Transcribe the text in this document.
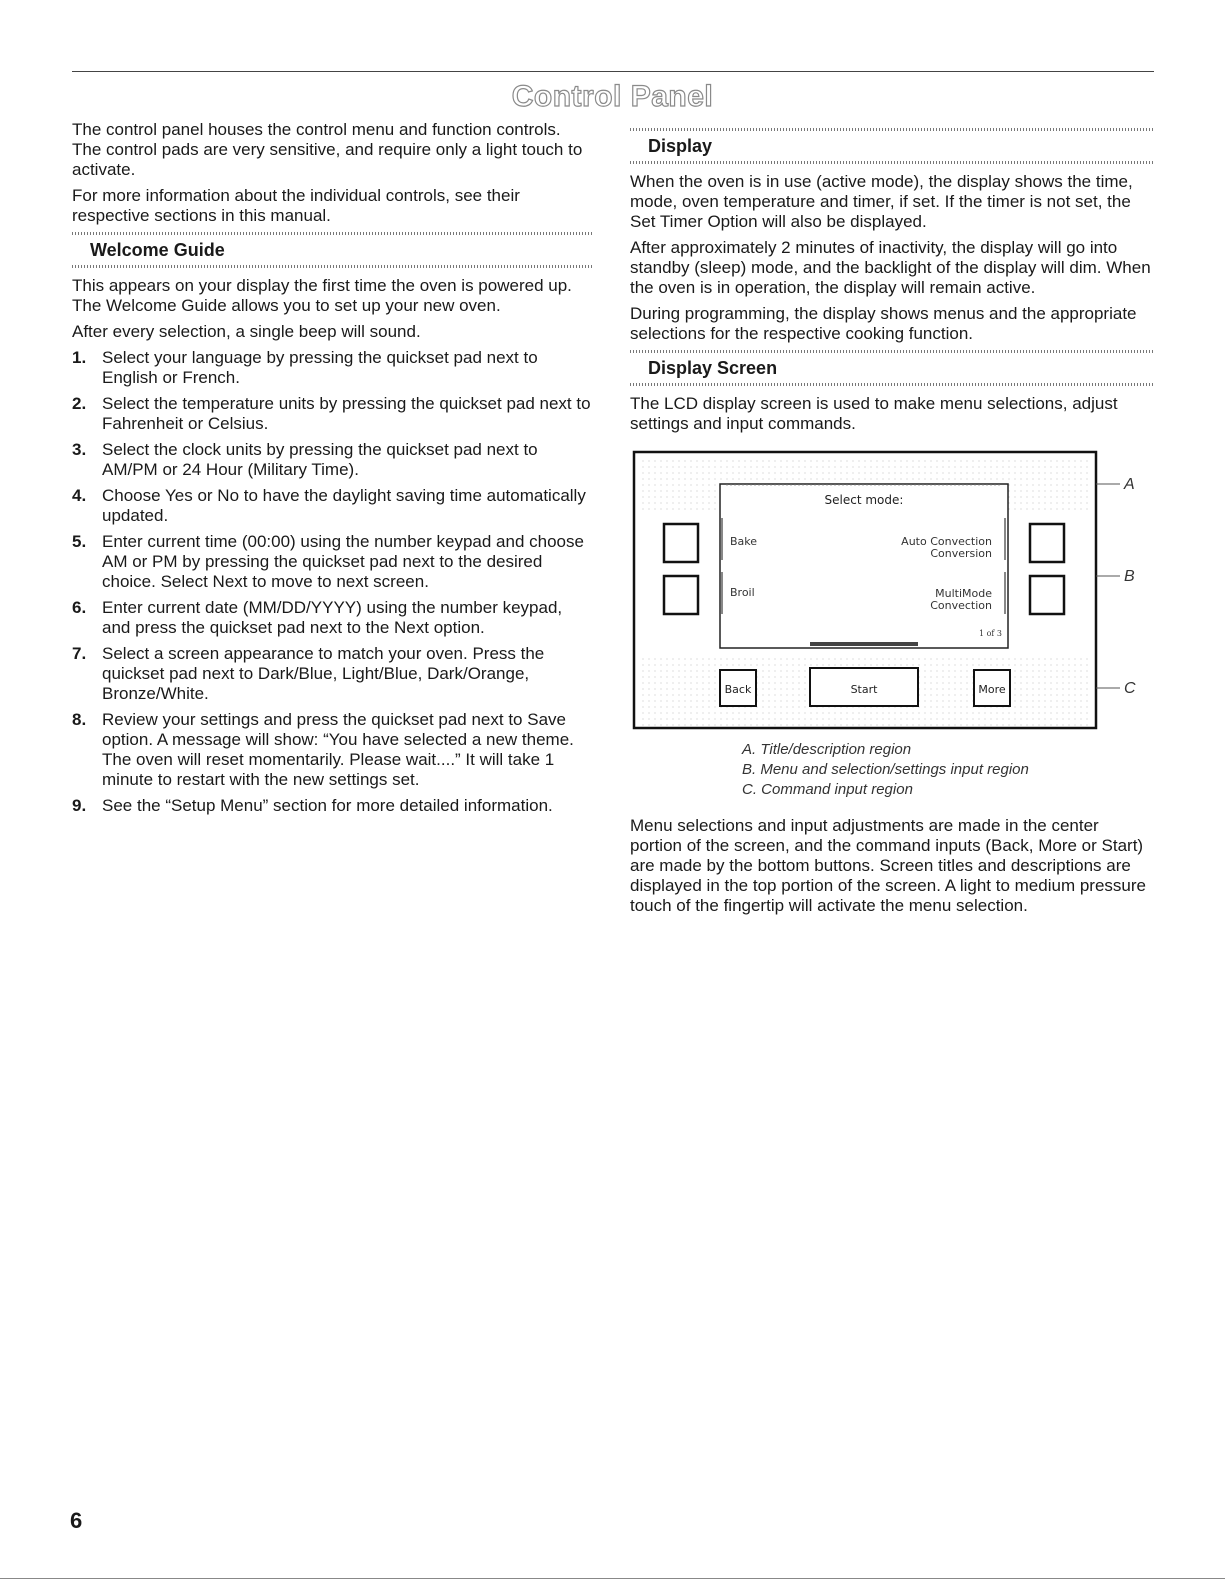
Control Panel

The control panel houses the control menu and function controls. The control pads are very sensitive, and require only a light touch to activate.

For more information about the individual controls, see their respective sections in this manual.

Welcome Guide

This appears on your display the first time the oven is powered up. The Welcome Guide allows you to set up your new oven.

After every selection, a single beep will sound.

1. Select your language by pressing the quickset pad next to English or French.
2. Select the temperature units by pressing the quickset pad next to Fahrenheit or Celsius.
3. Select the clock units by pressing the quickset pad next to AM/PM or 24 Hour (Military Time).
4. Choose Yes or No to have the daylight saving time automatically updated.
5. Enter current time (00:00) using the number keypad and choose AM or PM by pressing the quickset pad next to the desired choice. Select Next to move to next screen.
6. Enter current date (MM/DD/YYYY) using the number keypad, and press the quickset pad next to the Next option.
7. Select a screen appearance to match your oven. Press the quickset pad next to Dark/Blue, Light/Blue, Dark/Orange, Bronze/White.
8. Review your settings and press the quickset pad next to Save option. A message will show: “You have selected a new theme. The oven will reset momentarily. Please wait....” It will take 1 minute to restart with the new settings set.
9. See the “Setup Menu” section for more detailed information.
Display

When the oven is in use (active mode), the display shows the time, mode, oven temperature and timer, if set. If the timer is not set, the Set Timer Option will also be displayed.

After approximately 2 minutes of inactivity, the display will go into standby (sleep) mode, and the backlight of the display will dim. When the oven is in operation, the display will remain active.

During programming, the display shows menus and the appropriate selections for the respective cooking function.

Display Screen

The LCD display screen is used to make menu selections, adjust settings and input commands.

Select mode:
Bake
Broil
Auto Convection
Conversion
MultiMode
Convection
1 of 3
Back	Start	More
A
B
C
A. Title/description region
B. Menu and selection/settings input region
C. Command input region

Menu selections and input adjustments are made in the center portion of the screen, and the command inputs (Back, More or Start) are made by the bottom buttons. Screen titles and descriptions are displayed in the top portion of the screen. A light to medium pressure touch of the fingertip will activate the menu selection.

6
